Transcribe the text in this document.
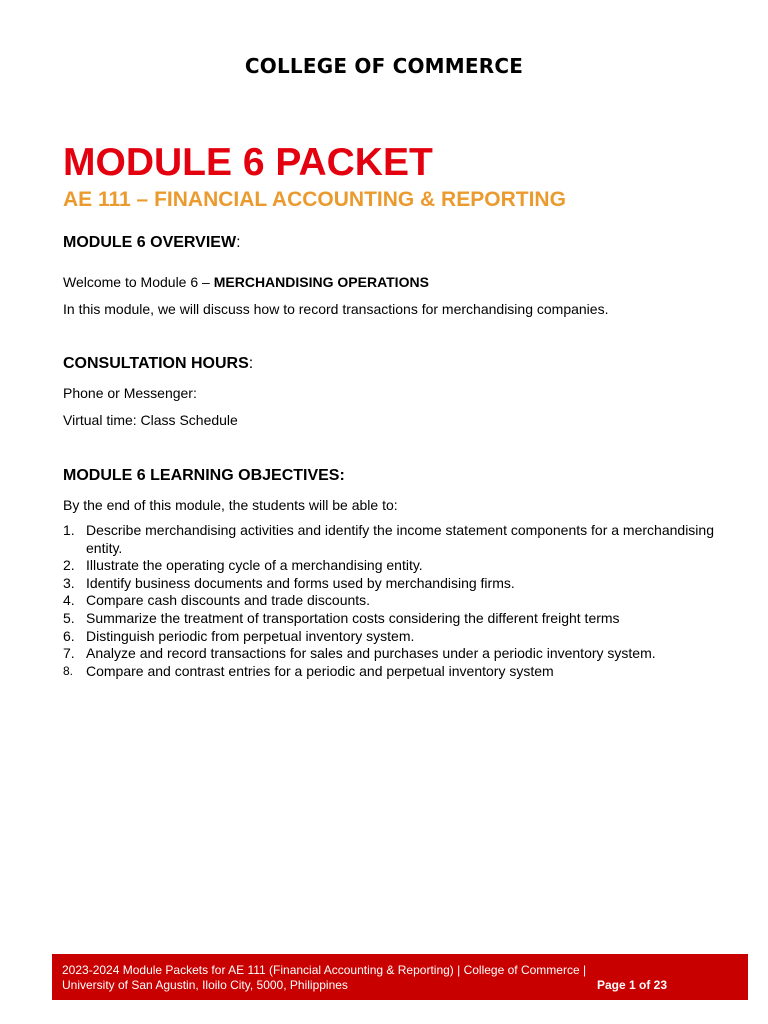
COLLEGE OF COMMERCE
MODULE 6 PACKET
AE 111 – FINANCIAL ACCOUNTING & REPORTING
MODULE 6 OVERVIEW:
Welcome to Module 6 – MERCHANDISING OPERATIONS
In this module, we will discuss how to record transactions for merchandising companies.
CONSULTATION HOURS:
Phone or Messenger:
Virtual time: Class Schedule
MODULE 6 LEARNING OBJECTIVES:
By the end of this module, the students will be able to:
1. Describe merchandising activities and identify the income statement components for a merchandising entity.
2. Illustrate the operating cycle of a merchandising entity.
3. Identify business documents and forms used by merchandising firms.
4. Compare cash discounts and trade discounts.
5. Summarize the treatment of transportation costs considering the different freight terms
6. Distinguish periodic from perpetual inventory system.
7. Analyze and record transactions for sales and purchases under a periodic inventory system.
8. Compare and contrast entries for a periodic and perpetual inventory system
2023-2024 Module Packets for AE 111 (Financial Accounting & Reporting) | College of Commerce |
University of San Agustin, Iloilo City, 5000, Philippines	Page 1 of 23
